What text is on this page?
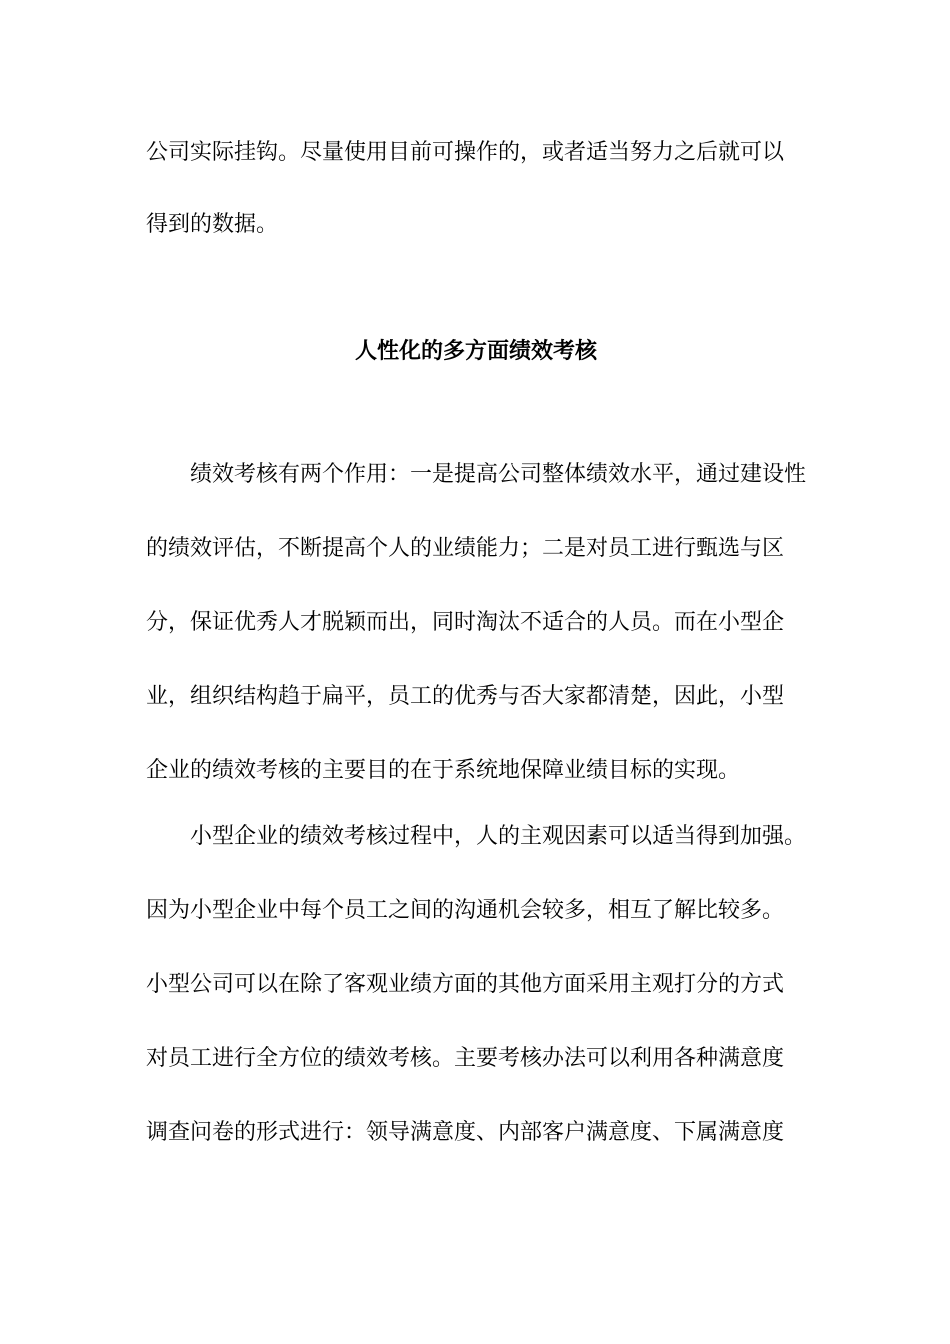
公司实际挂钩。尽量使用目前可操作的，或者适当努力之后就可以
得到的数据。
人性化的多方面绩效考核
　　绩效考核有两个作用：一是提高公司整体绩效水平，通过建设性
的绩效评估，不断提高个人的业绩能力；二是对员工进行甄选与区
分，保证优秀人才脱颖而出，同时淘汰不适合的人员。而在小型企
业，组织结构趋于扁平，员工的优秀与否大家都清楚，因此，小型
企业的绩效考核的主要目的在于系统地保障业绩目标的实现。
　　小型企业的绩效考核过程中，人的主观因素可以适当得到加强。
因为小型企业中每个员工之间的沟通机会较多，相互了解比较多。
小型公司可以在除了客观业绩方面的其他方面采用主观打分的方式
对员工进行全方位的绩效考核。主要考核办法可以利用各种满意度
调查问卷的形式进行：领导满意度、内部客户满意度、下属满意度
